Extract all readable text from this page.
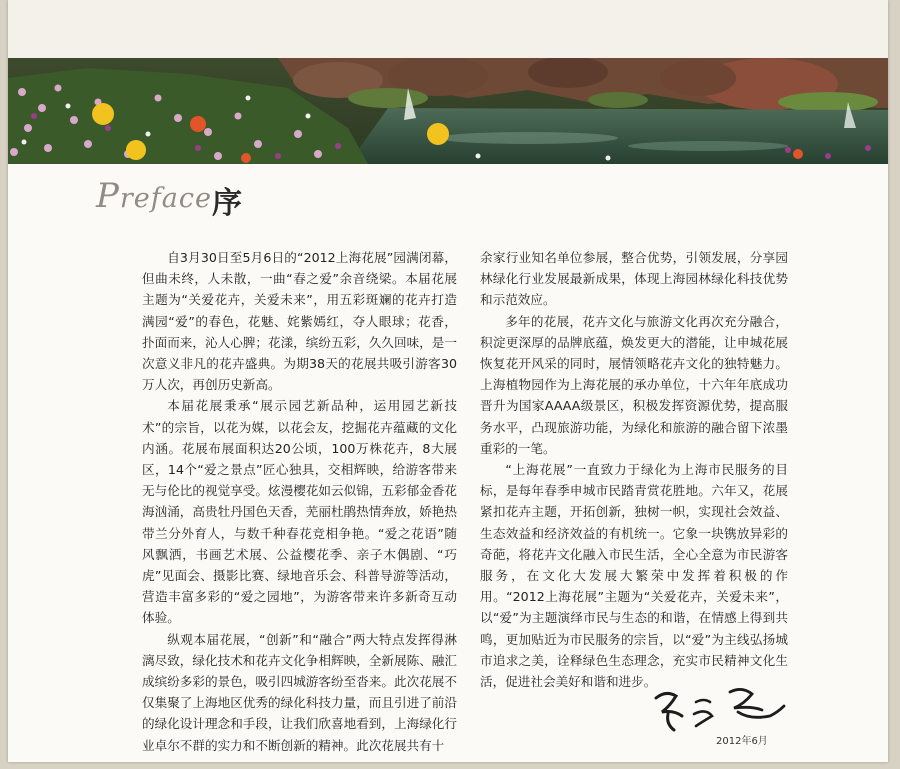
Preface 序

自3月30日至5月6日的“2012上海花展”园满闭幕，但曲未终，人未散，一曲“春之爱”余音绕梁。本届花展主题为“关爱花卉，关爱未来”，用五彩斑斓的花卉打造满园“爱”的春色，花魅、姹紫嫣红，夺人眼球；花香，扑面而来，沁人心脾；花漾，缤纷五彩，久久回味，是一次意义非凡的花卉盛典。为期38天的花展共吸引游客30万人次，再创历史新高。

本届花展秉承“展示园艺新品种，运用园艺新技术”的宗旨，以花为媒，以花会友，挖掘花卉蕴藏的文化内涵。花展布展面积达20公顷，100万株花卉，8大展区，14个“爱之景点”匠心独具，交相辉映，给游客带来无与伦比的视觉享受。炫漫樱花如云似锦，五彩郁金香花海汹涌，高贵牡丹国色天香，芜丽杜鹃热情奔放，娇艳热带兰分外育人，与数千种春花竞相争艳。“爱之花语”随风飘洒，书画艺术展、公益樱花季、亲子木偶剧、“巧虎”见面会、摄影比赛、绿地音乐会、科普导游等活动，营造丰富多彩的“爱之园地”，为游客带来许多新奇互动体验。

纵观本届花展，“创新”和“融合”两大特点发挥得淋漓尽致，绿化技术和花卉文化争相辉映，全新展陈、融汇成缤纷多彩的景色，吸引四城游客纷至沓来。此次花展不仅集聚了上海地区优秀的绿化科技力量，而且引进了前沿的绿化设计理念和手段，让我们欣喜地看到，上海绿化行业卓尔不群的实力和不断创新的精神。此次花展共有十

余家行业知名单位参展，整合优势，引领发展，分享园林绿化行业发展最新成果，体现上海园林绿化科技优势和示范效应。

多年的花展，花卉文化与旅游文化再次充分融合，积淀更深厚的品牌底蕴，焕发更大的潜能，让申城花展恢复花开风采的同时，展情领略花卉文化的独特魅力。上海植物园作为上海花展的承办单位，十六年年底成功晋升为国家AAAA级景区，积极发挥资源优势，提高服务水平，凸现旅游功能，为绿化和旅游的融合留下浓墨重彩的一笔。

“上海花展”一直致力于绿化为上海市民服务的目标，是每年春季申城市民踏青赏花胜地。六年又，花展紧扣花卉主题，开拓创新，独树一帜，实现社会效益、生态效益和经济效益的有机统一。它象一块镌放异彩的奇葩，将花卉文化融入市民生活，全心全意为市民游客服务，在文化大发展大繁荣中发挥着积极的作用。“2012上海花展”主题为“关爱花卉，关爱未来”，以“爱”为主题演绎市民与生态的和谐，在情感上得到共鸣，更加贴近为市民服务的宗旨，以“爱”为主线弘扬城市追求之美，诠释绿色生态理念，充实市民精神文化生活，促进社会美好和谐和进步。

2012年6月
